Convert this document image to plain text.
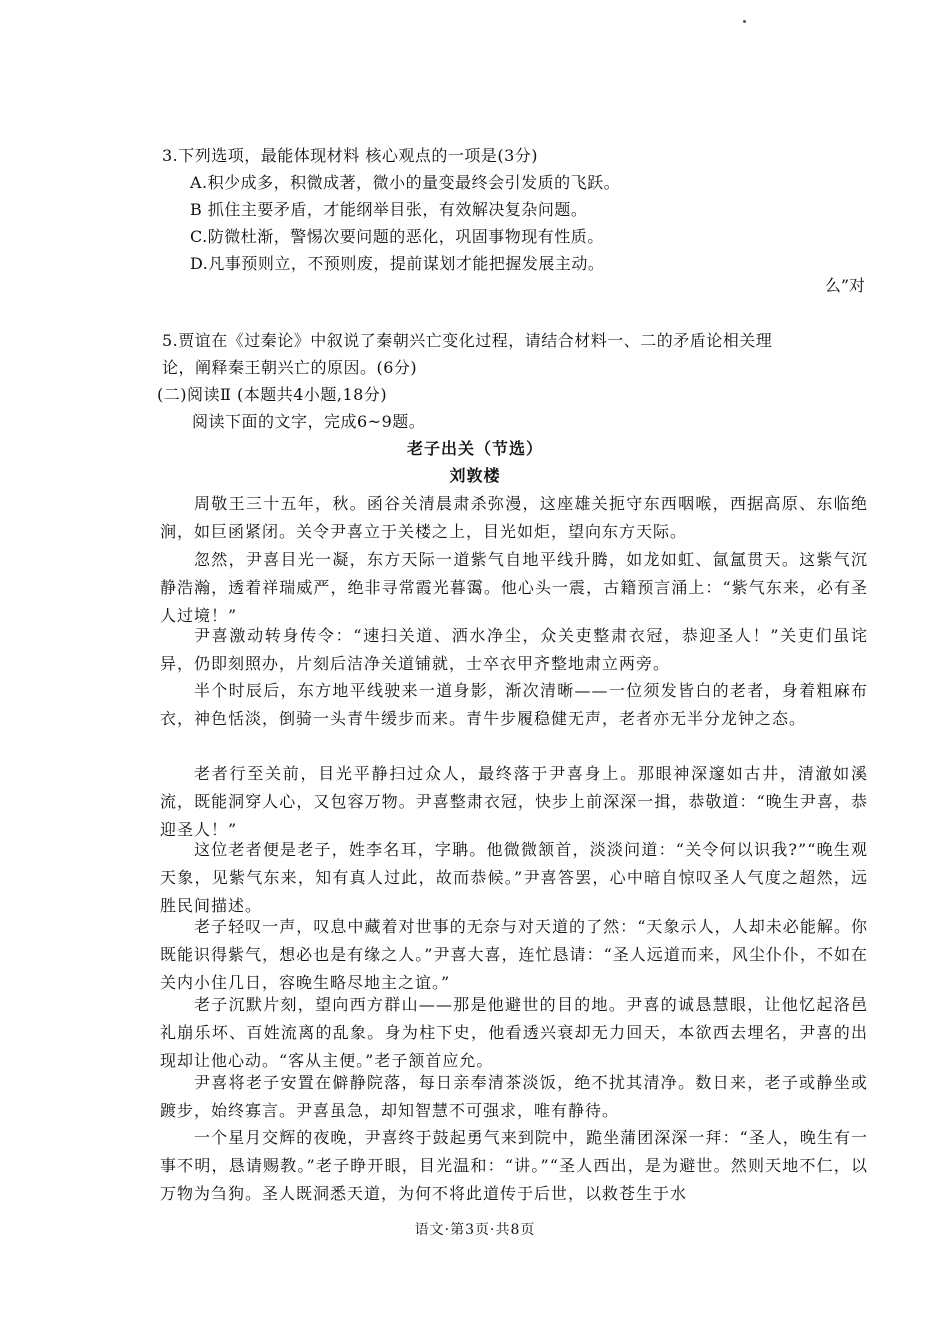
3.下列选项，最能体现材料 核心观点的一项是(3分)
A.积少成多，积微成著，微小的量变最终会引发质的飞跃。
B 抓住主要矛盾，才能纲举目张，有效解决复杂问题。
C.防微杜渐，警惕次要问题的恶化，巩固事物现有性质。
D.凡事预则立，不预则废，提前谋划才能把握发展主动。
么”对
5.贾谊在《过秦论》中叙说了秦朝兴亡变化过程，请结合材料一、二的矛盾论相关理
论，阐释秦王朝兴亡的原因。(6分)
(二)阅读Ⅱ (本题共4小题,18分)
阅读下面的文字，完成6~9题。
老子出关（节选）
刘敦楼
周敬王三十五年，秋。函谷关清晨肃杀弥漫，这座雄关扼守东西咽喉，西据高原、东临绝涧，如巨函紧闭。关令尹喜立于关楼之上，目光如炬，望向东方天际。
忽然，尹喜目光一凝，东方天际一道紫气自地平线升腾，如龙如虹、氤氲贯天。这紫气沉静浩瀚，透着祥瑞威严，绝非寻常霞光暮霭。他心头一震，古籍预言涌上：“紫气东来，必有圣人过境！”
尹喜激动转身传令：“速扫关道、洒水净尘，众关吏整肃衣冠，恭迎圣人！”关吏们虽诧异，仍即刻照办，片刻后洁净关道铺就，士卒衣甲齐整地肃立两旁。
半个时辰后，东方地平线驶来一道身影，渐次清晰——一位须发皆白的老者，身着粗麻布衣，神色恬淡，倒骑一头青牛缓步而来。青牛步履稳健无声，老者亦无半分龙钟之态。
老者行至关前，目光平静扫过众人，最终落于尹喜身上。那眼神深邃如古井，清澈如溪流，既能洞穿人心，又包容万物。尹喜整肃衣冠，快步上前深深一揖，恭敬道：“晚生尹喜，恭迎圣人！”
这位老者便是老子，姓李名耳，字聃。他微微颔首，淡淡问道：“关令何以识我?”“晚生观天象，见紫气东来，知有真人过此，故而恭候。”尹喜答罢，心中暗自惊叹圣人气度之超然，远胜民间描述。
老子轻叹一声，叹息中藏着对世事的无奈与对天道的了然：“天象示人，人却未必能解。你既能识得紫气，想必也是有缘之人。”尹喜大喜，连忙恳请：“圣人远道而来，风尘仆仆，不如在关内小住几日，容晚生略尽地主之谊。”
老子沉默片刻，望向西方群山——那是他避世的目的地。尹喜的诚恳慧眼，让他忆起洛邑礼崩乐坏、百姓流离的乱象。身为柱下史，他看透兴衰却无力回天，本欲西去埋名，尹喜的出现却让他心动。“客从主便。”老子颔首应允。
尹喜将老子安置在僻静院落，每日亲奉清茶淡饭，绝不扰其清净。数日来，老子或静坐或踱步，始终寡言。尹喜虽急，却知智慧不可强求，唯有静待。
一个星月交辉的夜晚，尹喜终于鼓起勇气来到院中，跪坐蒲团深深一拜：“圣人，晚生有一事不明，恳请赐教。”老子睁开眼，目光温和：“讲。”“圣人西出，是为避世。然则天地不仁，以万物为刍狗。圣人既洞悉天道，为何不将此道传于后世，以救苍生于水
语文·第3页·共8页
